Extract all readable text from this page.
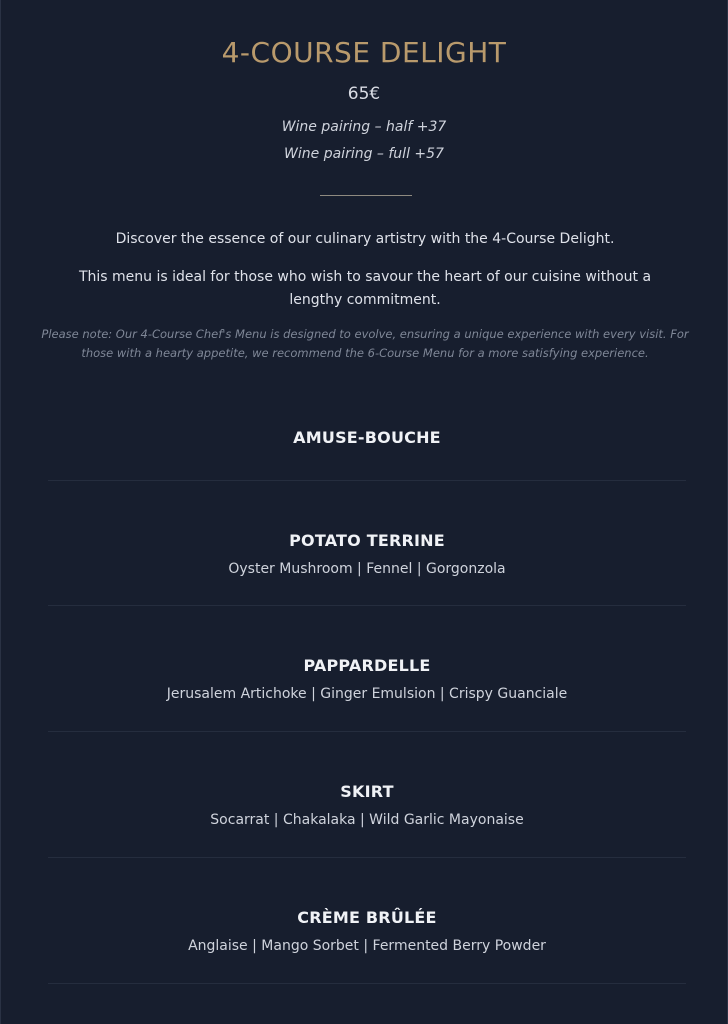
4-COURSE DELIGHT
65€
Wine pairing – half +37
Wine pairing – full +57

Discover the essence of our culinary artistry with the 4-Course Delight.

This menu is ideal for those who wish to savour the heart of our cuisine without a lengthy commitment.

Please note: Our 4-Course Chef's Menu is designed to evolve, ensuring a unique experience with every visit. For those with a hearty appetite, we recommend the 6-Course Menu for a more satisfying experience.

AMUSE-BOUCHE
POTATO TERRINE
Oyster Mushroom | Fennel | Gorgonzola
PAPPARDELLE
Jerusalem Artichoke | Ginger Emulsion | Crispy Guanciale
SKIRT
Socarrat | Chakalaka | Wild Garlic Mayonaise
CRÈME BRÛLÉE
Anglaise | Mango Sorbet | Fermented Berry Powder
